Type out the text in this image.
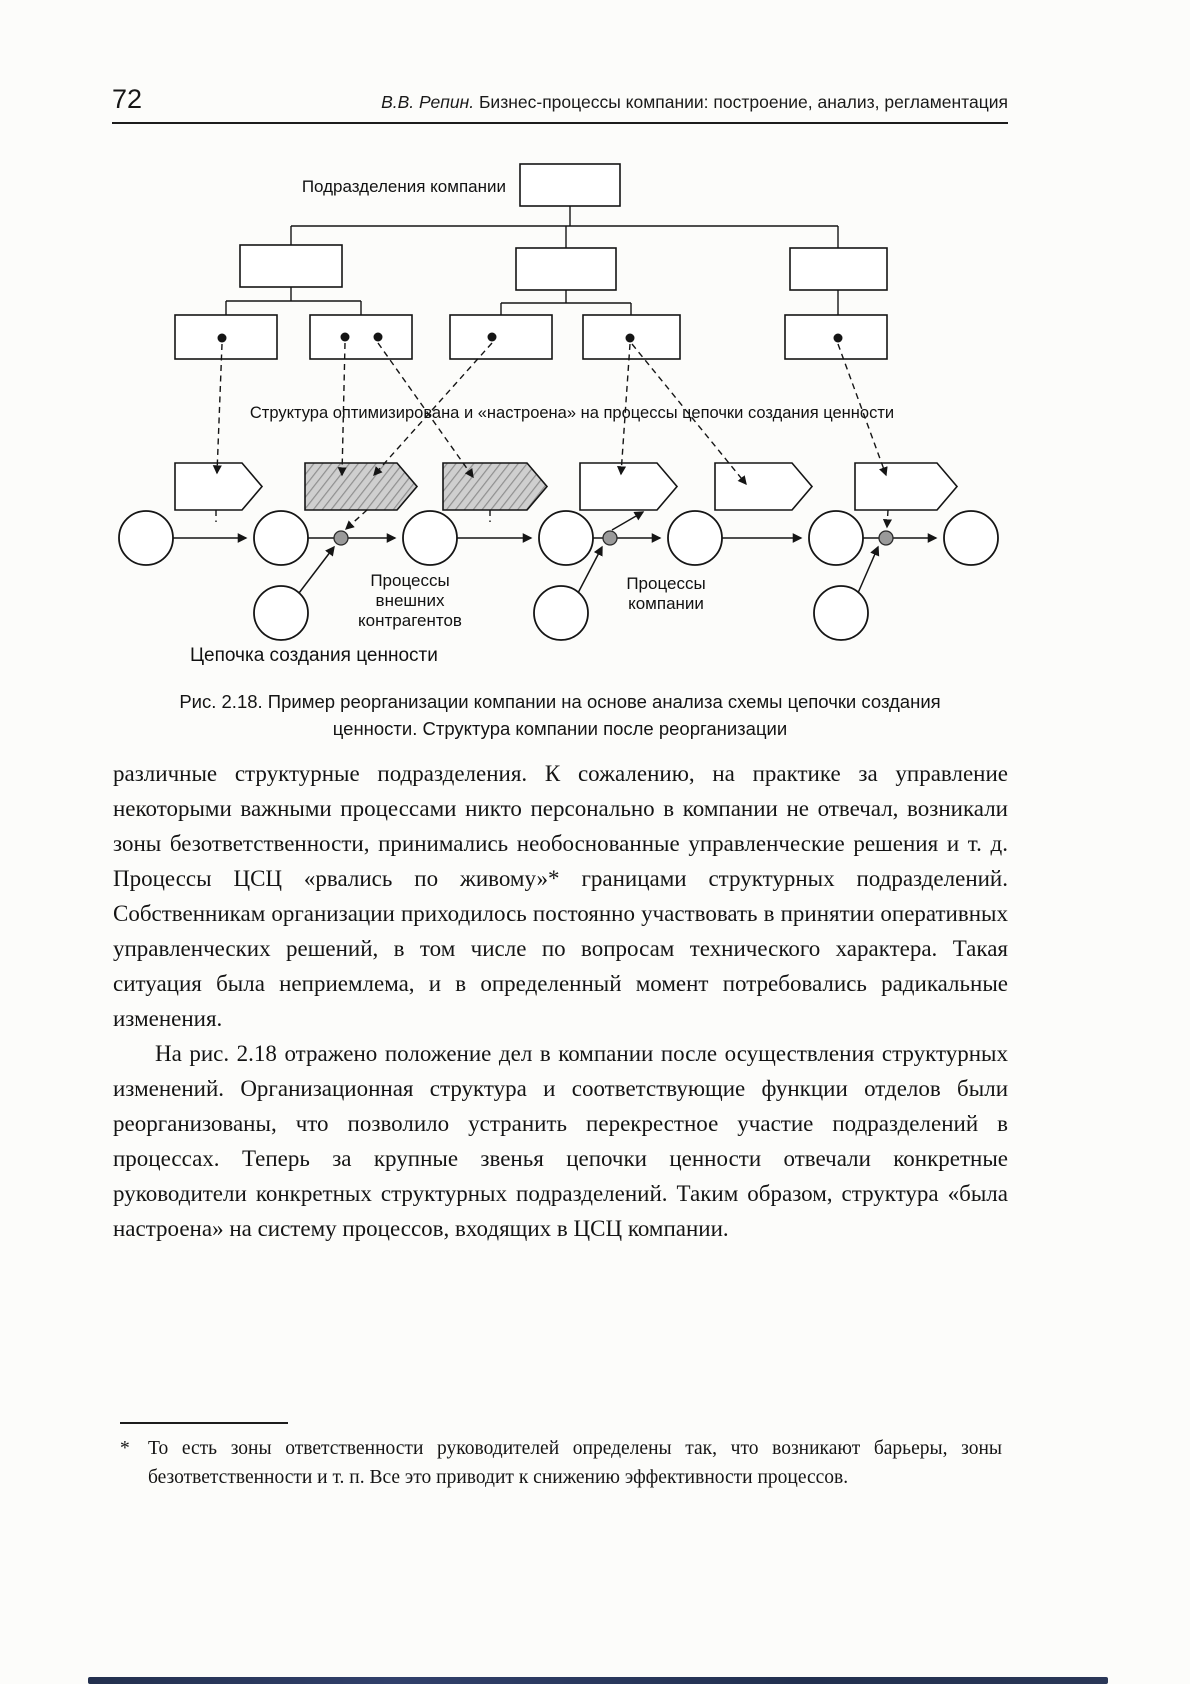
72	В.В. Репин. Бизнес-процессы компании: построение, анализ, регламентация
Подразделения компании
Структура оптимизирована и «настроена» на процессы цепочки создания ценности
Процессы
внешних
контрагентов
Процессы
компании
Цепочка создания ценности
Рис. 2.18. Пример реорганизации компании на основе анализа схемы цепочки создания
ценности. Структура компании после реорганизации

различные структурные подразделения. К сожалению, на практике за управление некоторыми важными процессами никто персонально в компании не отвечал, возникали зоны безответственности, принимались необоснованные управленческие решения и т. д. Процессы ЦСЦ «рвались по живому»* границами структурных подразделений. Собственникам организации приходилось постоянно участвовать в принятии оперативных управленческих решений, в том числе по вопросам технического характера. Такая ситуация была неприемлема, и в определенный момент потребовались радикальные изменения.

На рис. 2.18 отражено положение дел в компании после осуществления структурных изменений. Организационная структура и соответствующие функции отделов были реорганизованы, что позволило устранить перекрестное участие подразделений в процессах. Теперь за крупные звенья цепочки ценности отвечали конкретные руководители конкретных структурных подразделений. Таким образом, структура «была настроена» на систему процессов, входящих в ЦСЦ компании.

* То есть зоны ответственности руководителей определены так, что возникают барьеры, зоны безответственности и т. п. Все это приводит к снижению эффективности процессов.
